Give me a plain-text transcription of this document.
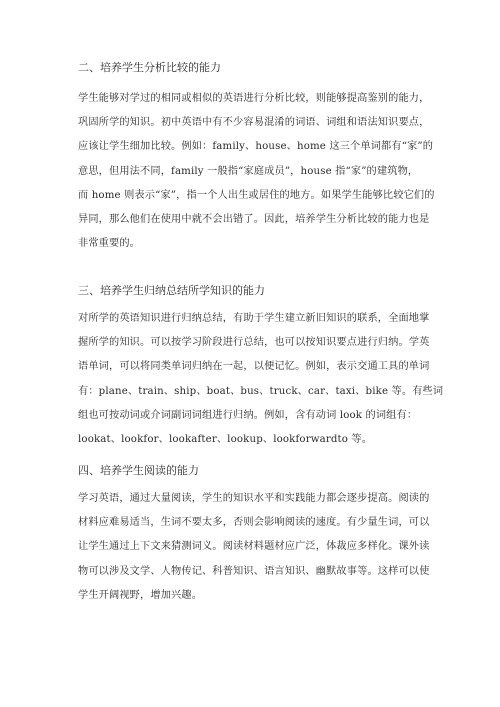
二、培养学生分析比较的能力
学生能够对学过的相同或相似的英语进行分析比较，则能够提高鉴别的能力，
巩固所学的知识。初中英语中有不少容易混淆的词语、词组和语法知识要点，
应该让学生细加比较。例如：family、house、home 这三个单词都有“家”的
意思，但用法不同，family 一般指“家庭成员”，house 指“家”的建筑物，
而 home 则表示“家”，指一个人出生或居住的地方。如果学生能够比较它们的
异同，那么他们在使用中就不会出错了。因此，培养学生分析比较的能力也是
非常重要的。
三、培养学生归纳总结所学知识的能力
对所学的英语知识进行归纳总结，有助于学生建立新旧知识的联系，全面地掌
握所学的知识。可以按学习阶段进行总结，也可以按知识要点进行归纳。学英
语单词，可以将同类单词归纳在一起，以便记忆。例如，表示交通工具的单词
有：plane、train、ship、boat、bus、truck、car、taxi、bike 等。有些词
组也可按动词或介词副词词组进行归纳。例如，含有动词 look 的词组有：
lookat、lookfor、lookafter、lookup、lookforwardto 等。
四、培养学生阅读的能力
学习英语，通过大量阅读，学生的知识水平和实践能力都会逐步提高。阅读的
材料应难易适当，生词不要太多，否则会影响阅读的速度。有少量生词，可以
让学生通过上下文来猜测词义。阅读材料题材应广泛，体裁应多样化。课外读
物可以涉及文学、人物传记、科普知识、语言知识、幽默故事等。这样可以使
学生开阔视野，增加兴趣。
